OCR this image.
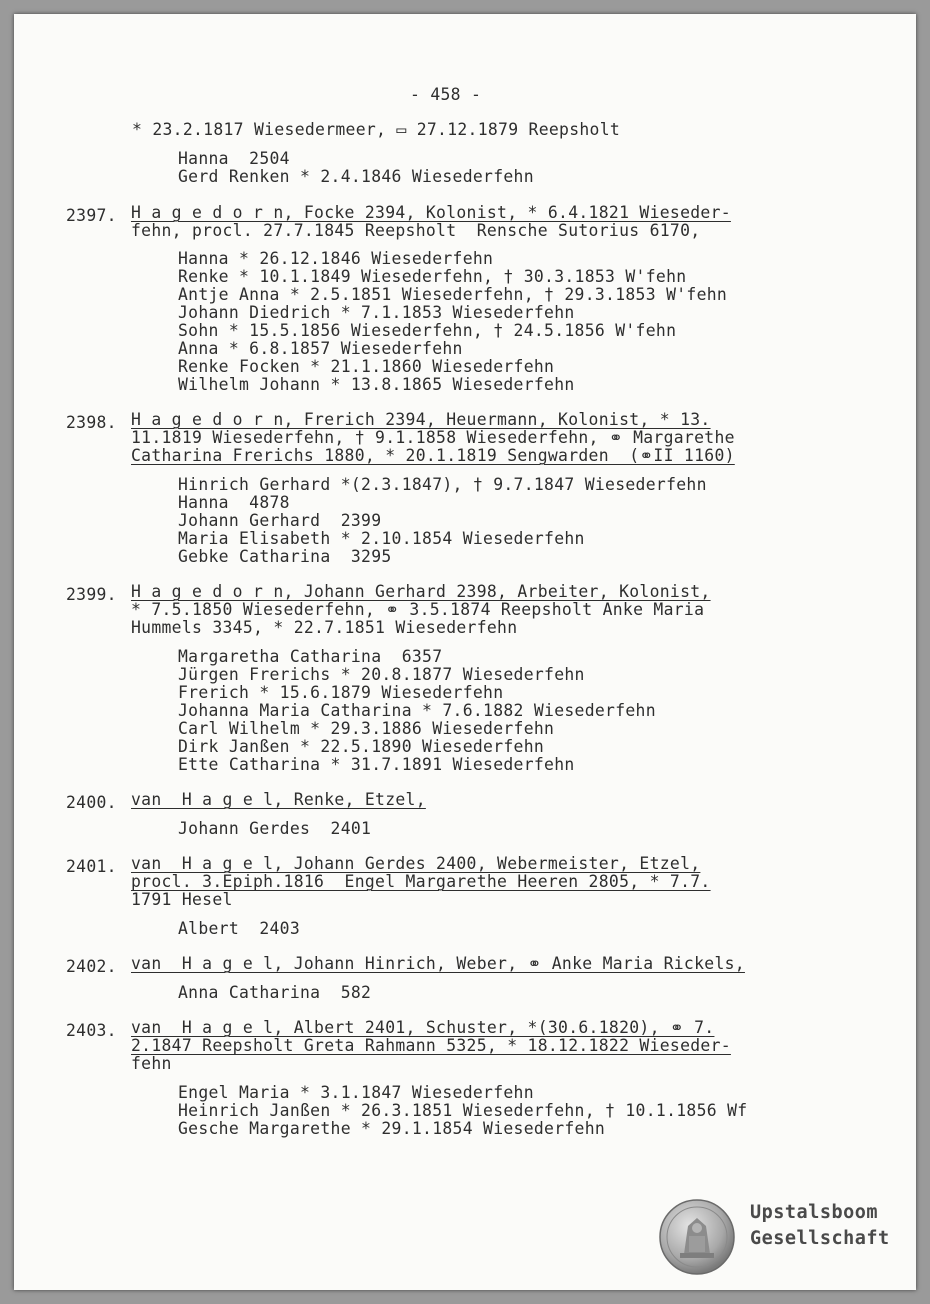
- 458 -
* 23.2.1817 Wiesedermeer, ▭ 27.12.1879 Reepsholt
Hanna  2504
Gerd Renken * 2.4.1846 Wiesederfehn
2397. H a g e d o r n, Focke 2394, Kolonist, * 6.4.1821 Wieseder-
fehn, procl. 27.7.1845 Reepsholt  Rensche Sutorius 6170,
Hanna * 26.12.1846 Wiesederfehn
Renke * 10.1.1849 Wiesederfehn, † 30.3.1853 W'fehn
Antje Anna * 2.5.1851 Wiesederfehn, † 29.3.1853 W'fehn
Johann Diedrich * 7.1.1853 Wiesederfehn
Sohn * 15.5.1856 Wiesederfehn, † 24.5.1856 W'fehn
Anna * 6.8.1857 Wiesederfehn
Renke Focken * 21.1.1860 Wiesederfehn
Wilhelm Johann * 13.8.1865 Wiesederfehn
2398. H a g e d o r n, Frerich 2394, Heuermann, Kolonist, * 13.
11.1819 Wiesederfehn, † 9.1.1858 Wiesederfehn, ⚭ Margarethe
Catharina Frerichs 1880, * 20.1.1819 Sengwarden  (⚭II 1160)
Hinrich Gerhard *(2.3.1847), † 9.7.1847 Wiesederfehn
Hanna  4878
Johann Gerhard  2399
Maria Elisabeth * 2.10.1854 Wiesederfehn
Gebke Catharina  3295
2399. H a g e d o r n, Johann Gerhard 2398, Arbeiter, Kolonist,
* 7.5.1850 Wiesederfehn, ⚭ 3.5.1874 Reepsholt Anke Maria
Hummels 3345, * 22.7.1851 Wiesederfehn
Margaretha Catharina  6357
Jürgen Frerichs * 20.8.1877 Wiesederfehn
Frerich * 15.6.1879 Wiesederfehn
Johanna Maria Catharina * 7.6.1882 Wiesederfehn
Carl Wilhelm * 29.3.1886 Wiesederfehn
Dirk Janßen * 22.5.1890 Wiesederfehn
Ette Catharina * 31.7.1891 Wiesederfehn
2400. van  H a g e l, Renke, Etzel,
Johann Gerdes  2401
2401. van  H a g e l, Johann Gerdes 2400, Webermeister, Etzel,
procl. 3.Epiph.1816  Engel Margarethe Heeren 2805, * 7.7.
1791 Hesel
Albert  2403
2402. van  H a g e l, Johann Hinrich, Weber, ⚭ Anke Maria Rickels,
Anna Catharina  582
2403. van  H a g e l, Albert 2401, Schuster, *(30.6.1820), ⚭ 7.
2.1847 Reepsholt Greta Rahmann 5325, * 18.12.1822 Wieseder-
fehn
Engel Maria * 3.1.1847 Wiesederfehn
Heinrich Janßen * 26.3.1851 Wiesederfehn, † 10.1.1856 Wf
Gesche Margarethe * 29.1.1854 Wiesederfehn
Upstalsboom
Gesellschaft
